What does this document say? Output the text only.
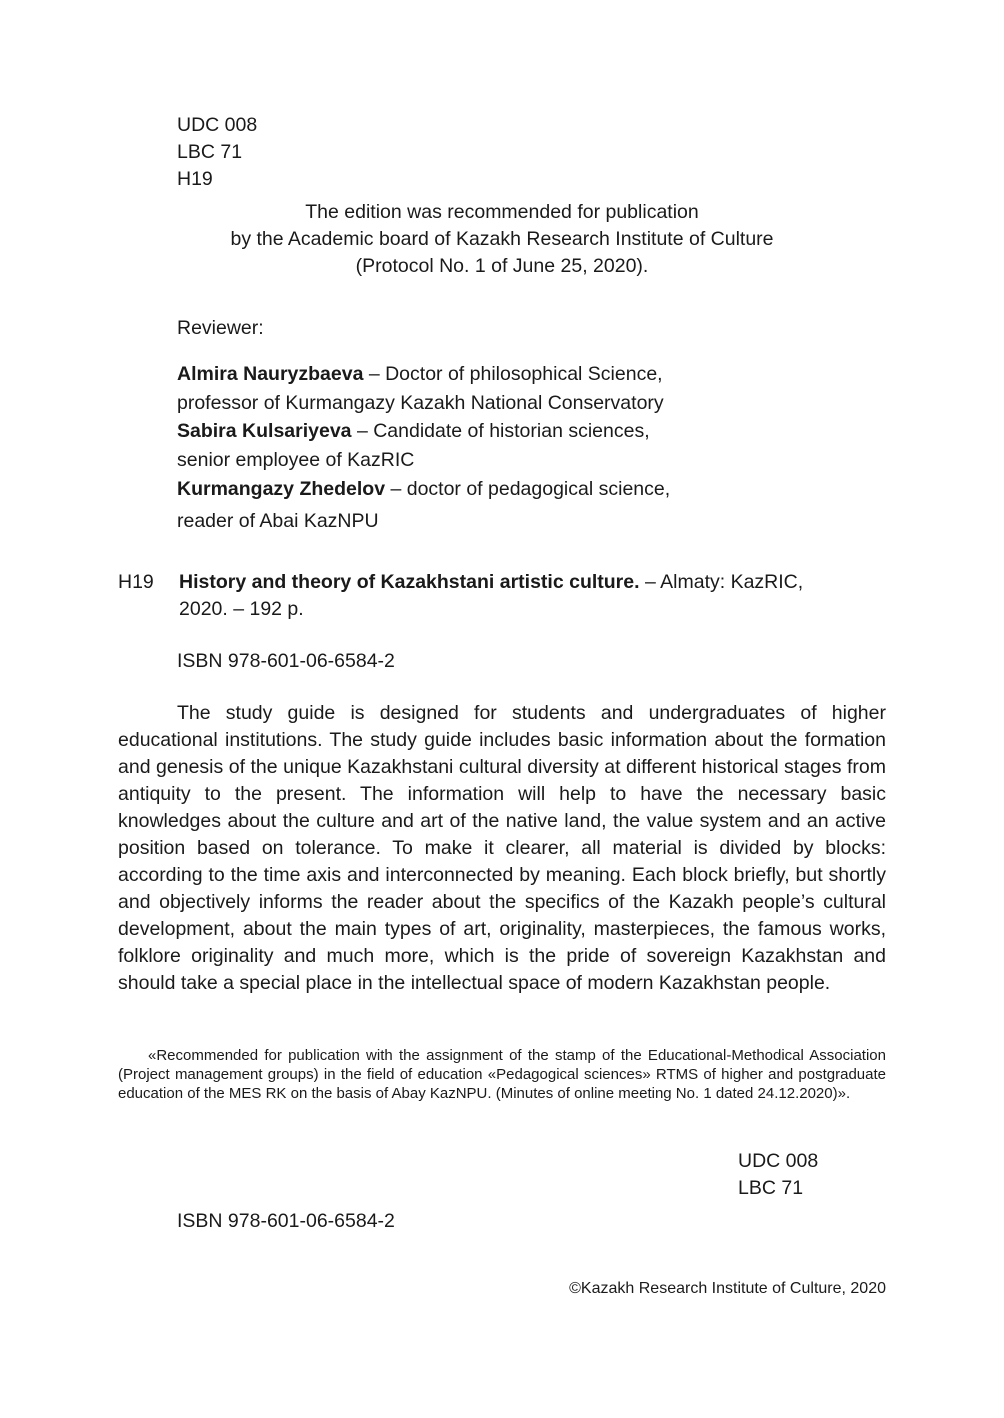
UDC 008
LBC 71
H19
The edition was recommended for publication
by the Academic board of Kazakh Research Institute of Culture
(Protocol No. 1 of June 25, 2020).
Reviewer:
Almira Nauryzbaeva – Doctor of philosophical Science,
professor of Kurmangazy Kazakh National Conservatory
Sabira Kulsariyeva – Candidate of historian sciences,
senior employee of KazRIC
Kurmangazy Zhedelov – doctor of pedagogical science,
reader of Abai KazNPU
H19 History and theory of Kazakhstani artistic culture. – Almaty: KazRIC,
2020. – 192 p.
ISBN 978-601-06-6584-2
The study guide is designed for students and undergraduates of higher educational institutions. The study guide includes basic information about the formation and genesis of the unique Kazakhstani cultural diversity at different historical stages from antiquity to the present. The information will help to have the necessary basic knowledges about the culture and art of the native land, the value system and an active position based on tolerance. To make it clearer, all material is divided by blocks: according to the time axis and interconnected by meaning. Each block briefly, but shortly and objectively informs the reader about the specifics of the Kazakh people’s cultural development, about the main types of art, originality, masterpieces, the famous works, folklore originality and much more, which is the pride of sovereign Kazakhstan and should take a special place in the intellectual space of modern Kazakhstan people.
«Recommended for publication with the assignment of the stamp of the Educational-Methodical Association (Project management groups) in the field of education «Pedagogical sciences» RTMS of higher and postgraduate education of the MES RK on the basis of Abay KazNPU. (Minutes of online meeting No. 1 dated 24.12.2020)».
UDC 008
LBC 71
ISBN 978-601-06-6584-2
©Kazakh Research Institute of Culture, 2020
